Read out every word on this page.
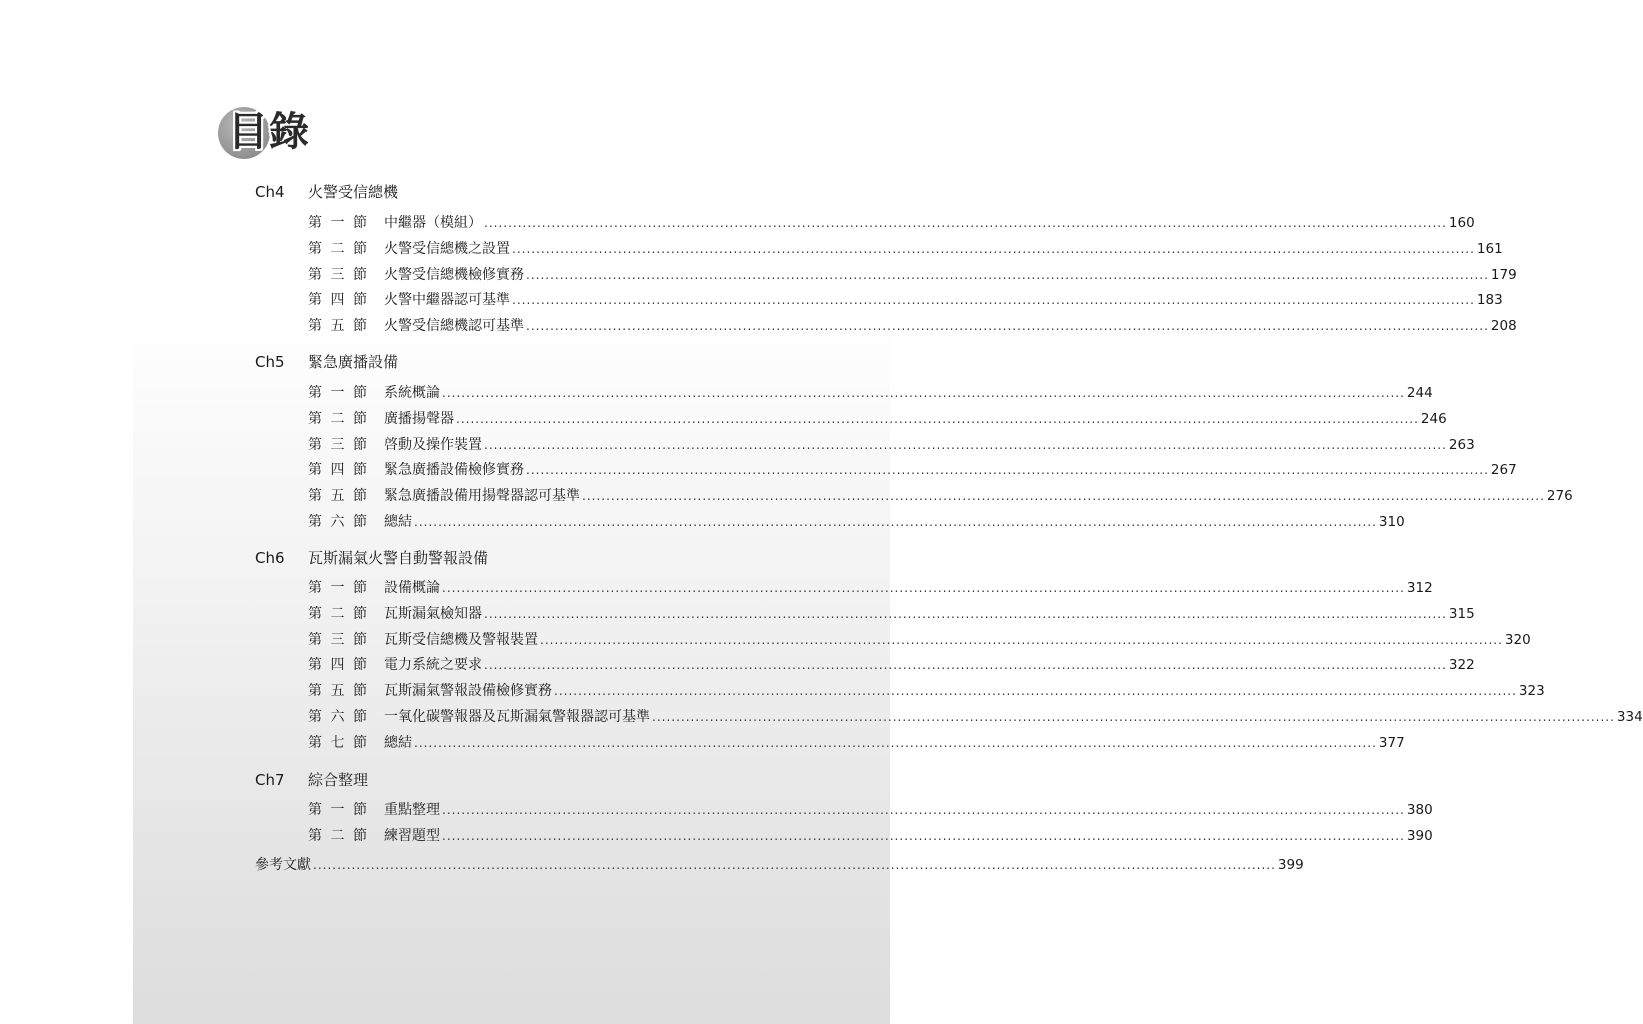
目錄
Ch4 火警受信總機
第一節 中繼器（模組） ........................................................................................................................................................................................................ 160
第二節 火警受信總機之設置 ........................................................................................................................................................................................................ 161
第三節 火警受信總機檢修實務 ........................................................................................................................................................................................................ 179
第四節 火警中繼器認可基準 ........................................................................................................................................................................................................ 183
第五節 火警受信總機認可基準 ........................................................................................................................................................................................................ 208
Ch5 緊急廣播設備
第一節 系統概論 ........................................................................................................................................................................................................ 244
第二節 廣播揚聲器 ........................................................................................................................................................................................................ 246
第三節 啓動及操作裝置 ........................................................................................................................................................................................................ 263
第四節 緊急廣播設備檢修實務 ........................................................................................................................................................................................................ 267
第五節 緊急廣播設備用揚聲器認可基準 ........................................................................................................................................................................................................ 276
第六節 總結 ........................................................................................................................................................................................................ 310
Ch6 瓦斯漏氣火警自動警報設備
第一節 設備概論 ........................................................................................................................................................................................................ 312
第二節 瓦斯漏氣檢知器 ........................................................................................................................................................................................................ 315
第三節 瓦斯受信總機及警報裝置 ........................................................................................................................................................................................................ 320
第四節 電力系統之要求 ........................................................................................................................................................................................................ 322
第五節 瓦斯漏氣警報設備檢修實務 ........................................................................................................................................................................................................ 323
第六節 一氧化碳警報器及瓦斯漏氣警報器認可基準 ........................................................................................................................................................................................................ 334
第七節 總結 ........................................................................................................................................................................................................ 377
Ch7 綜合整理
第一節 重點整理 ........................................................................................................................................................................................................ 380
第二節 練習題型 ........................................................................................................................................................................................................ 390
參考文獻 ........................................................................................................................................................................................................ 399
